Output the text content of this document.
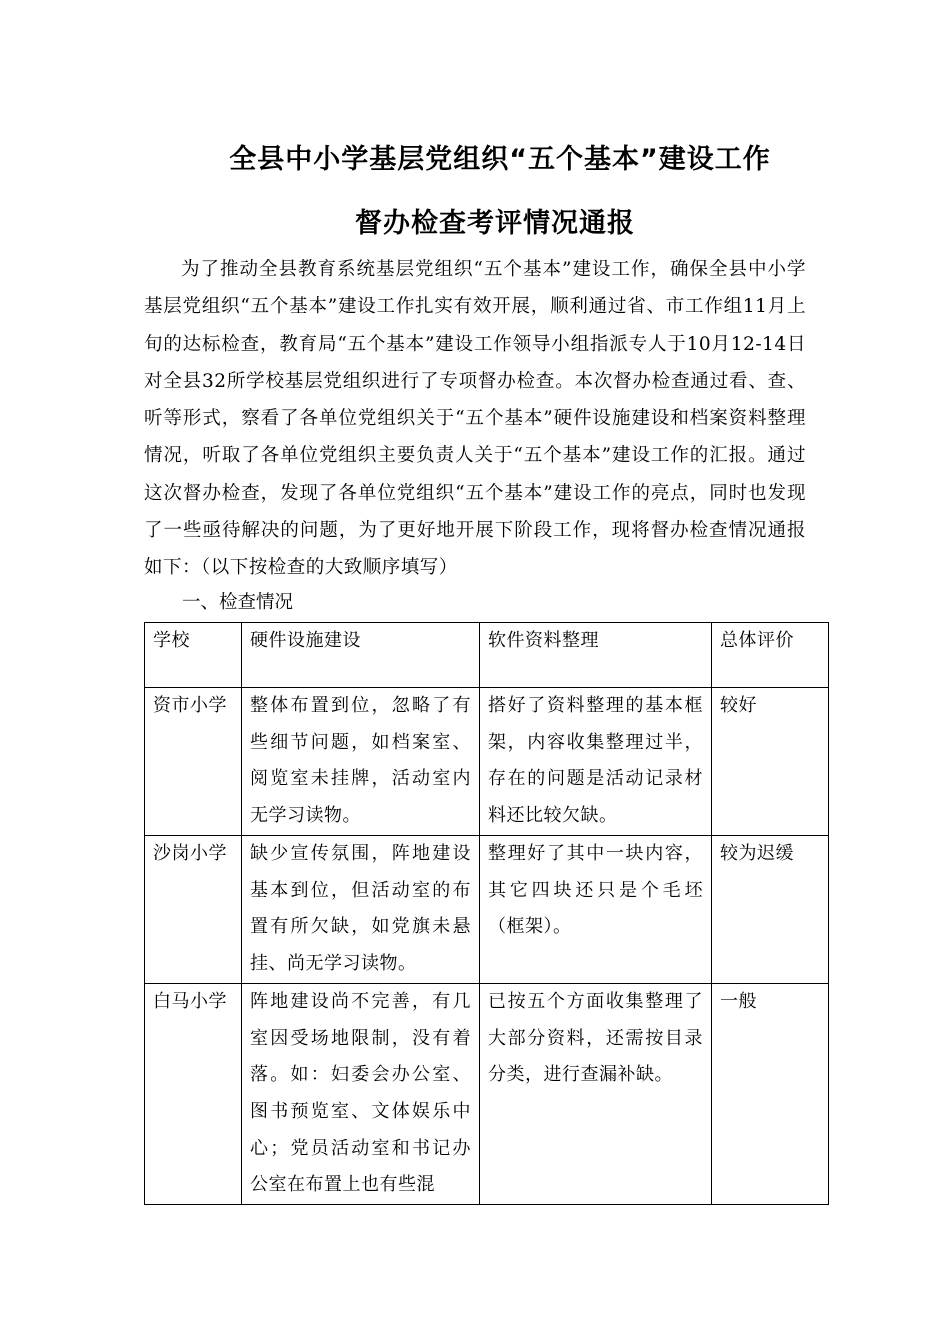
全县中小学基层党组织“五个基本”建设工作
督办检查考评情况通报

为了推动全县教育系统基层党组织“五个基本”建设工作，确保全县中小学基层党组织“五个基本”建设工作扎实有效开展，顺利通过省、市工作组11月上旬的达标检查，教育局“五个基本”建设工作领导小组指派专人于10月12-14日对全县32所学校基层党组织进行了专项督办检查。本次督办检查通过看、查、听等形式，察看了各单位党组织关于“五个基本”硬件设施建设和档案资料整理情况，听取了各单位党组织主要负责人关于“五个基本”建设工作的汇报。通过这次督办检查，发现了各单位党组织“五个基本”建设工作的亮点，同时也发现了一些亟待解决的问题，为了更好地开展下阶段工作，现将督办检查情况通报如下：（以下按检查的大致顺序填写）

一、检查情况
学校	硬件设施建设	软件资料整理	总体评价
资市小学	整体布置到位，忽略了有些细节问题，如档案室、阅览室未挂牌，活动室内无学习读物。	搭好了资料整理的基本框架，内容收集整理过半，存在的问题是活动记录材料还比较欠缺。	较好
沙岗小学	缺少宣传氛围，阵地建设基本到位，但活动室的布置有所欠缺，如党旗未悬挂、尚无学习读物。	整理好了其中一块内容，其它四块还只是个毛坯（框架）。	较为迟缓
白马小学	阵地建设尚不完善，有几室因受场地限制，没有着落。如：妇委会办公室、图书预览室、文体娱乐中心；党员活动室和书记办公室在布置上也有些混	已按五个方面收集整理了大部分资料，还需按目录分类，进行查漏补缺。	一般
